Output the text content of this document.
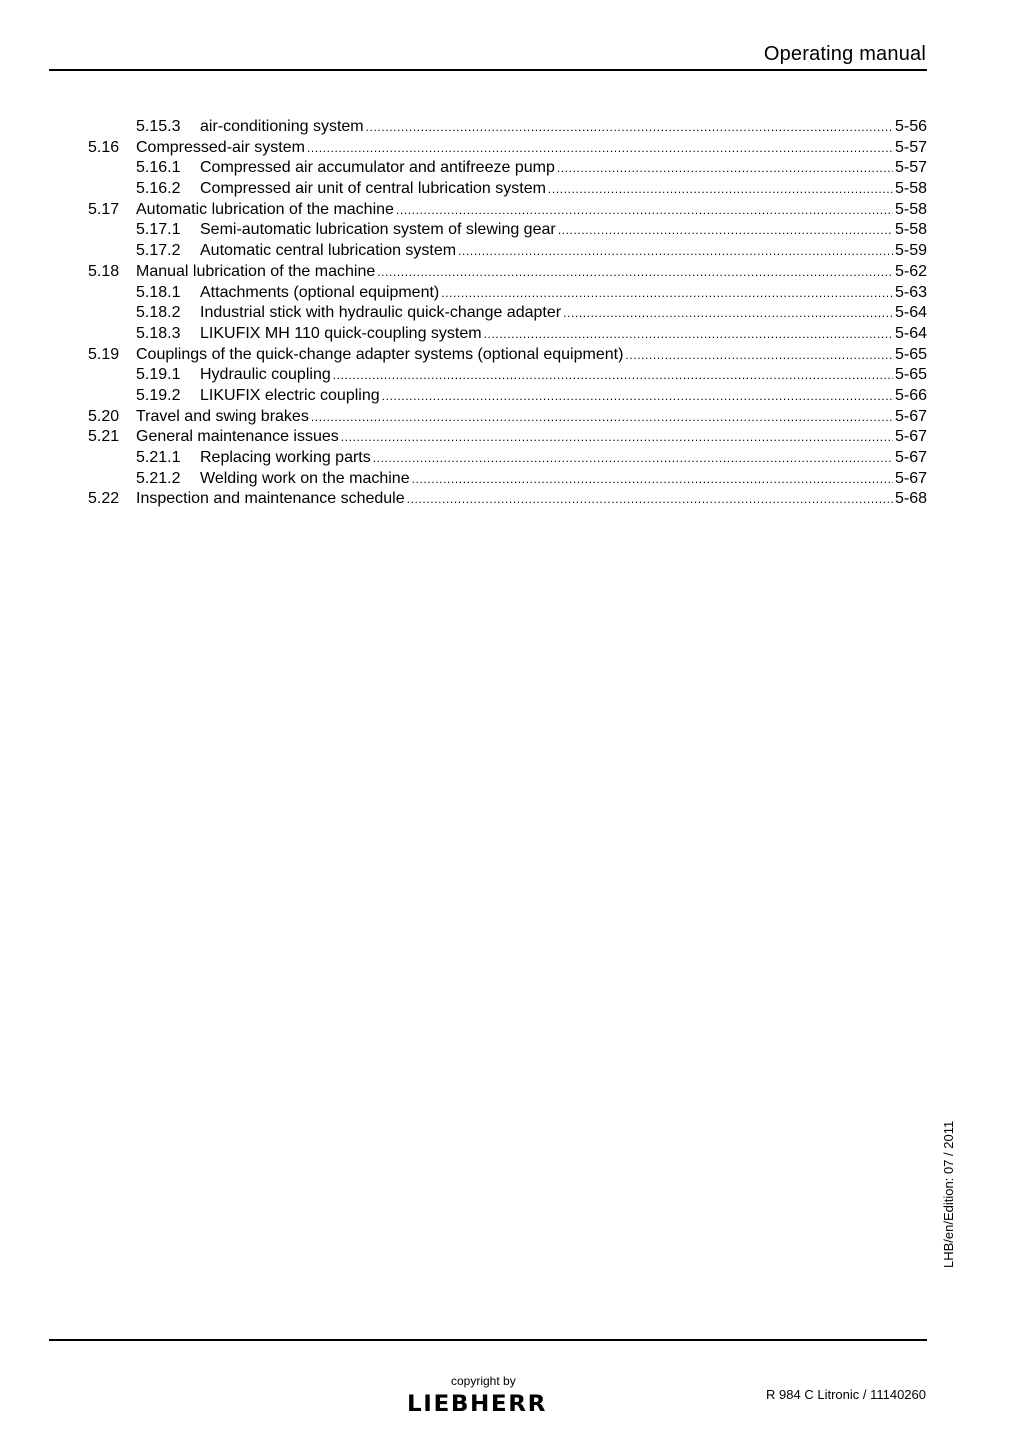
Operating manual
5.15.3	air-conditioning system .....	5-56
5.16	Compressed-air system .....	5-57
5.16.1	Compressed air accumulator and antifreeze pump .....	5-57
5.16.2	Compressed air unit of central lubrication system .....	5-58
5.17	Automatic lubrication of the machine .....	5-58
5.17.1	Semi-automatic lubrication system of slewing gear .....	5-58
5.17.2	Automatic central lubrication system .....	5-59
5.18	Manual lubrication of the machine .....	5-62
5.18.1	Attachments (optional equipment) .....	5-63
5.18.2	Industrial stick with hydraulic quick-change adapter .....	5-64
5.18.3	LIKUFIX MH 110 quick-coupling system .....	5-64
5.19	Couplings of the quick-change adapter systems (optional equipment) .....	5-65
5.19.1	Hydraulic coupling .....	5-65
5.19.2	LIKUFIX electric coupling .....	5-66
5.20	Travel and swing brakes .....	5-67
5.21	General maintenance issues .....	5-67
5.21.1	Replacing working parts .....	5-67
5.21.2	Welding work on the machine .....	5-67
5.22	Inspection and maintenance schedule .....	5-68
LHB/en/Edition: 07 / 2011
copyright by
LIEBHERR	R 984 C Litronic / 11140260
